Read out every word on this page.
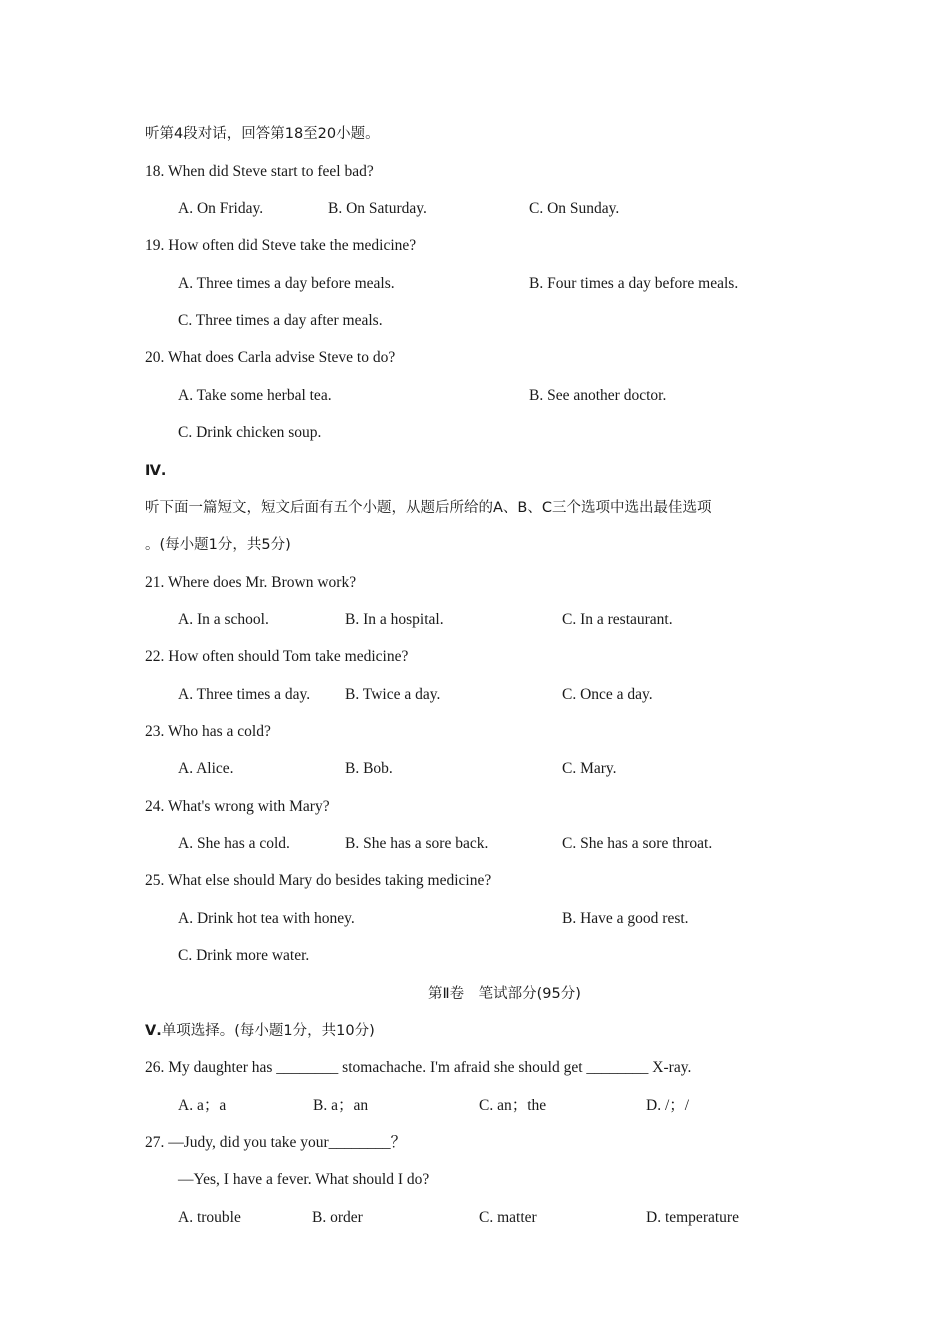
听第4段对话，回答第18至20小题。
18. When did Steve start to feel bad?
A. On Friday.	B. On Saturday.	C. On Sunday.
19. How often did Steve take the medicine?
A. Three times a day before meals.	B. Four times a day before meals.
C. Three times a day after meals.
20. What does Carla advise Steve to do?
A. Take some herbal tea.	B. See another doctor.
C. Drink chicken soup.
Ⅳ.
听下面一篇短文，短文后面有五个小题，从题后所给的A、B、C三个选项中选出最佳选项
。(每小题1分，共5分)
21. Where does Mr. Brown work?
A. In a school.	B. In a hospital.	C. In a restaurant.
22. How often should Tom take medicine?
A. Three times a day. B. Twice a day.	C. Once a day.
23. Who has a cold?
A. Alice.	B. Bob.	C. Mary.
24. What's wrong with Mary?
A. She has a cold.	B. She has a sore back.	C. She has a sore throat.
25. What else should Mary do besides taking medicine?
A. Drink hot tea with honey.	B. Have a good rest.
C. Drink more water.
第Ⅱ卷　笔试部分(95分)
Ⅴ.单项选择。(每小题1分，共10分)
26. My daughter has ________ stomachache. I'm afraid she should get ________ X-ray.
A. a；a	B. a；an	C. an；the	D. /；/
27. —Judy, did you take your________？
—Yes, I have a fever. What should I do?
A. trouble	B. order	C. matter	D. temperature
